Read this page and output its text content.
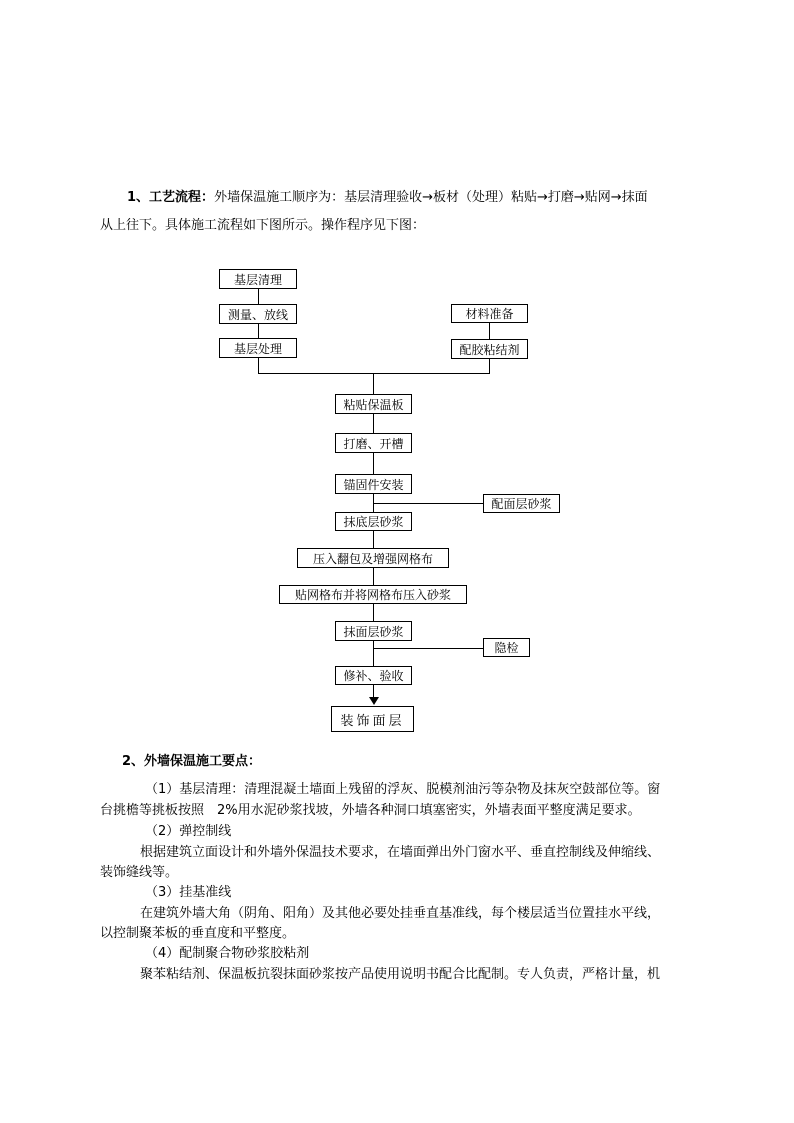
1、工艺流程：外墙保温施工顺序为：基层清理验收→板材（处理）粘贴→打磨→贴网→抹面
从上往下。具体施工流程如下图所示。操作程序见下图：
基层清理
测量、放线
基层处理
材料准备
配胶粘结剂
粘贴保温板
打磨、开槽
锚固件安装
抹底层砂浆
压入翻包及增强网格布
贴网格布并将网格布压入砂浆
抹面层砂浆
修补、验收
配面层砂浆
隐检
装饰面层
2、外墙保温施工要点：
（1）基层清理：清理混凝土墙面上残留的浮灰、脱模剂油污等杂物及抹灰空鼓部位等。窗
台挑檐等挑板按照　2%用水泥砂浆找坡，外墙各种洞口填塞密实，外墙表面平整度满足要求。
（2）弹控制线
根据建筑立面设计和外墙外保温技术要求，在墙面弹出外门窗水平、垂直控制线及伸缩线、
装饰缝线等。
（3）挂基准线
在建筑外墙大角（阴角、阳角）及其他必要处挂垂直基准线，每个楼层适当位置挂水平线，
以控制聚苯板的垂直度和平整度。
（4）配制聚合物砂浆胶粘剂
聚苯粘结剂、保温板抗裂抹面砂浆按产品使用说明书配合比配制。专人负责，严格计量，机
